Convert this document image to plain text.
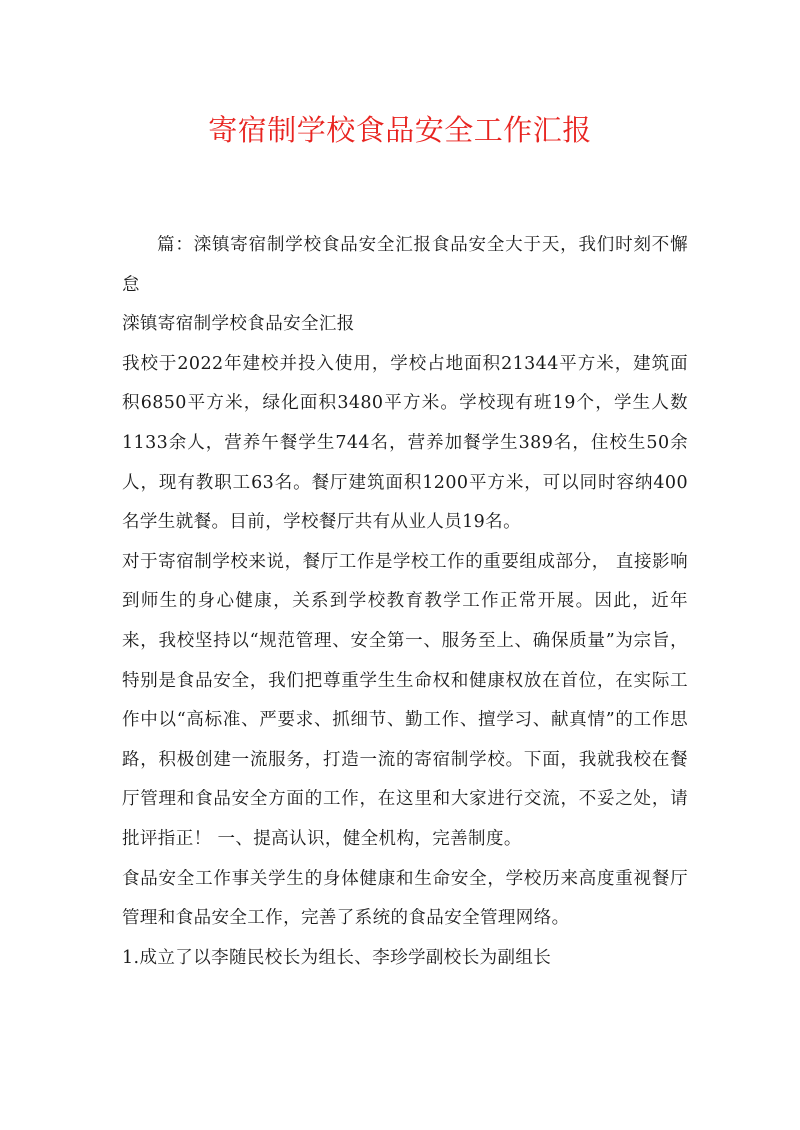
寄宿制学校食品安全工作汇报

篇：滦镇寄宿制学校食品安全汇报食品安全大于天，我们时刻不懈怠

滦镇寄宿制学校食品安全汇报

我校于2022年建校并投入使用，学校占地面积21344平方米，建筑面积6850平方米，绿化面积3480平方米。学校现有班19个，学生人数1133余人，营养午餐学生744名，营养加餐学生389名，住校生50余人，现有教职工63名。餐厅建筑面积1200平方米，可以同时容纳400名学生就餐。目前，学校餐厅共有从业人员19名。

对于寄宿制学校来说，餐厅工作是学校工作的重要组成部分， 直接影响到师生的身心健康，关系到学校教育教学工作正常开展。因此，近年来，我校坚持以“规范管理、安全第一、服务至上、确保质量”为宗旨，特别是食品安全，我们把尊重学生生命权和健康权放在首位，在实际工作中以“高标准、严要求、抓细节、勤工作、擅学习、献真情”的工作思路，积极创建一流服务，打造一流的寄宿制学校。下面，我就我校在餐厅管理和食品安全方面的工作，在这里和大家进行交流，不妥之处，请批评指正！ 一、提高认识，健全机构，完善制度。

食品安全工作事关学生的身体健康和生命安全，学校历来高度重视餐厅管理和食品安全工作，完善了系统的食品安全管理网络。

1.成立了以李随民校长为组长、李珍学副校长为副组长
